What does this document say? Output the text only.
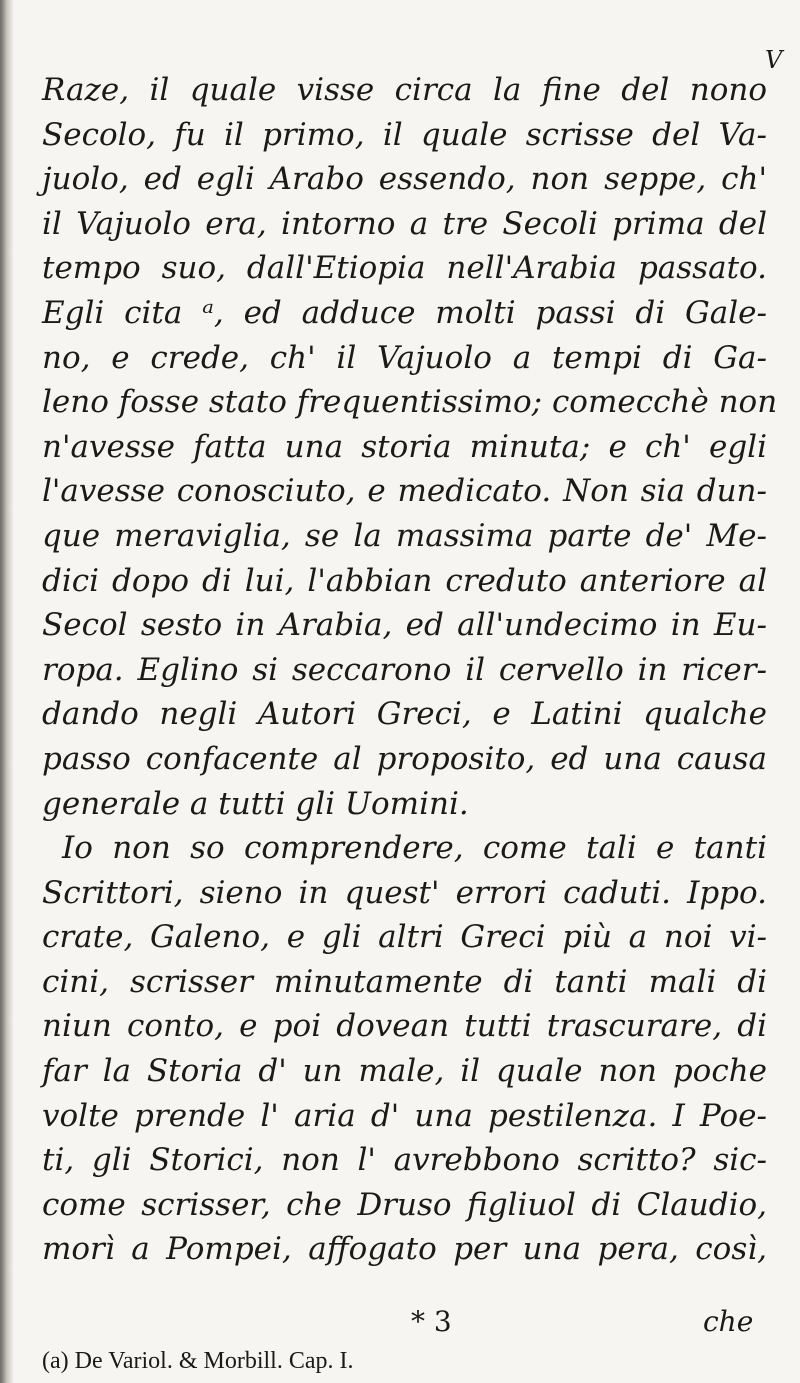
V
Raze, il quale visse circa la fine del nono
Secolo, fu il primo, il quale scrisse del Va-
juolo, ed egli Arabo essendo, non seppe, ch'
il Vajuolo era, intorno a tre Secoli prima del
tempo suo, dall'Etiopia nell'Arabia passato.
Egli cita ᵃ, ed adduce molti passi di Gale-
no, e crede, ch' il Vajuolo a tempi di Ga-
leno fosse stato frequentissimo; comecchè non
n'avesse fatta una storia minuta; e ch' egli
l'avesse conosciuto, e medicato. Non sia dun-
que meraviglia, se la massima parte de' Me-
dici dopo di lui, l'abbian creduto anteriore al
Secol sesto in Arabia, ed all'undecimo in Eu-
ropa. Eglino si seccarono il cervello in ricer-
dando negli Autori Greci, e Latini qualche
passo confacente al proposito, ed una causa
generale a tutti gli Uomini.
Io non so comprendere, come tali e tanti
Scrittori, sieno in quest' errori caduti. Ippo.
crate, Galeno, e gli altri Greci più a noi vi-
cini, scrisser minutamente di tanti mali di
niun conto, e poi dovean tutti trascurare, di
far la Storia d' un male, il quale non poche
volte prende l' aria d' una pestilenza. I Poe-
ti, gli Storici, non l' avrebbono scritto? sic-
come scrisser, che Druso figliuol di Claudio,
morì a Pompei, affogato per una pera, così,
* 3	che
(a) De Variol. & Morbill. Cap. I.
